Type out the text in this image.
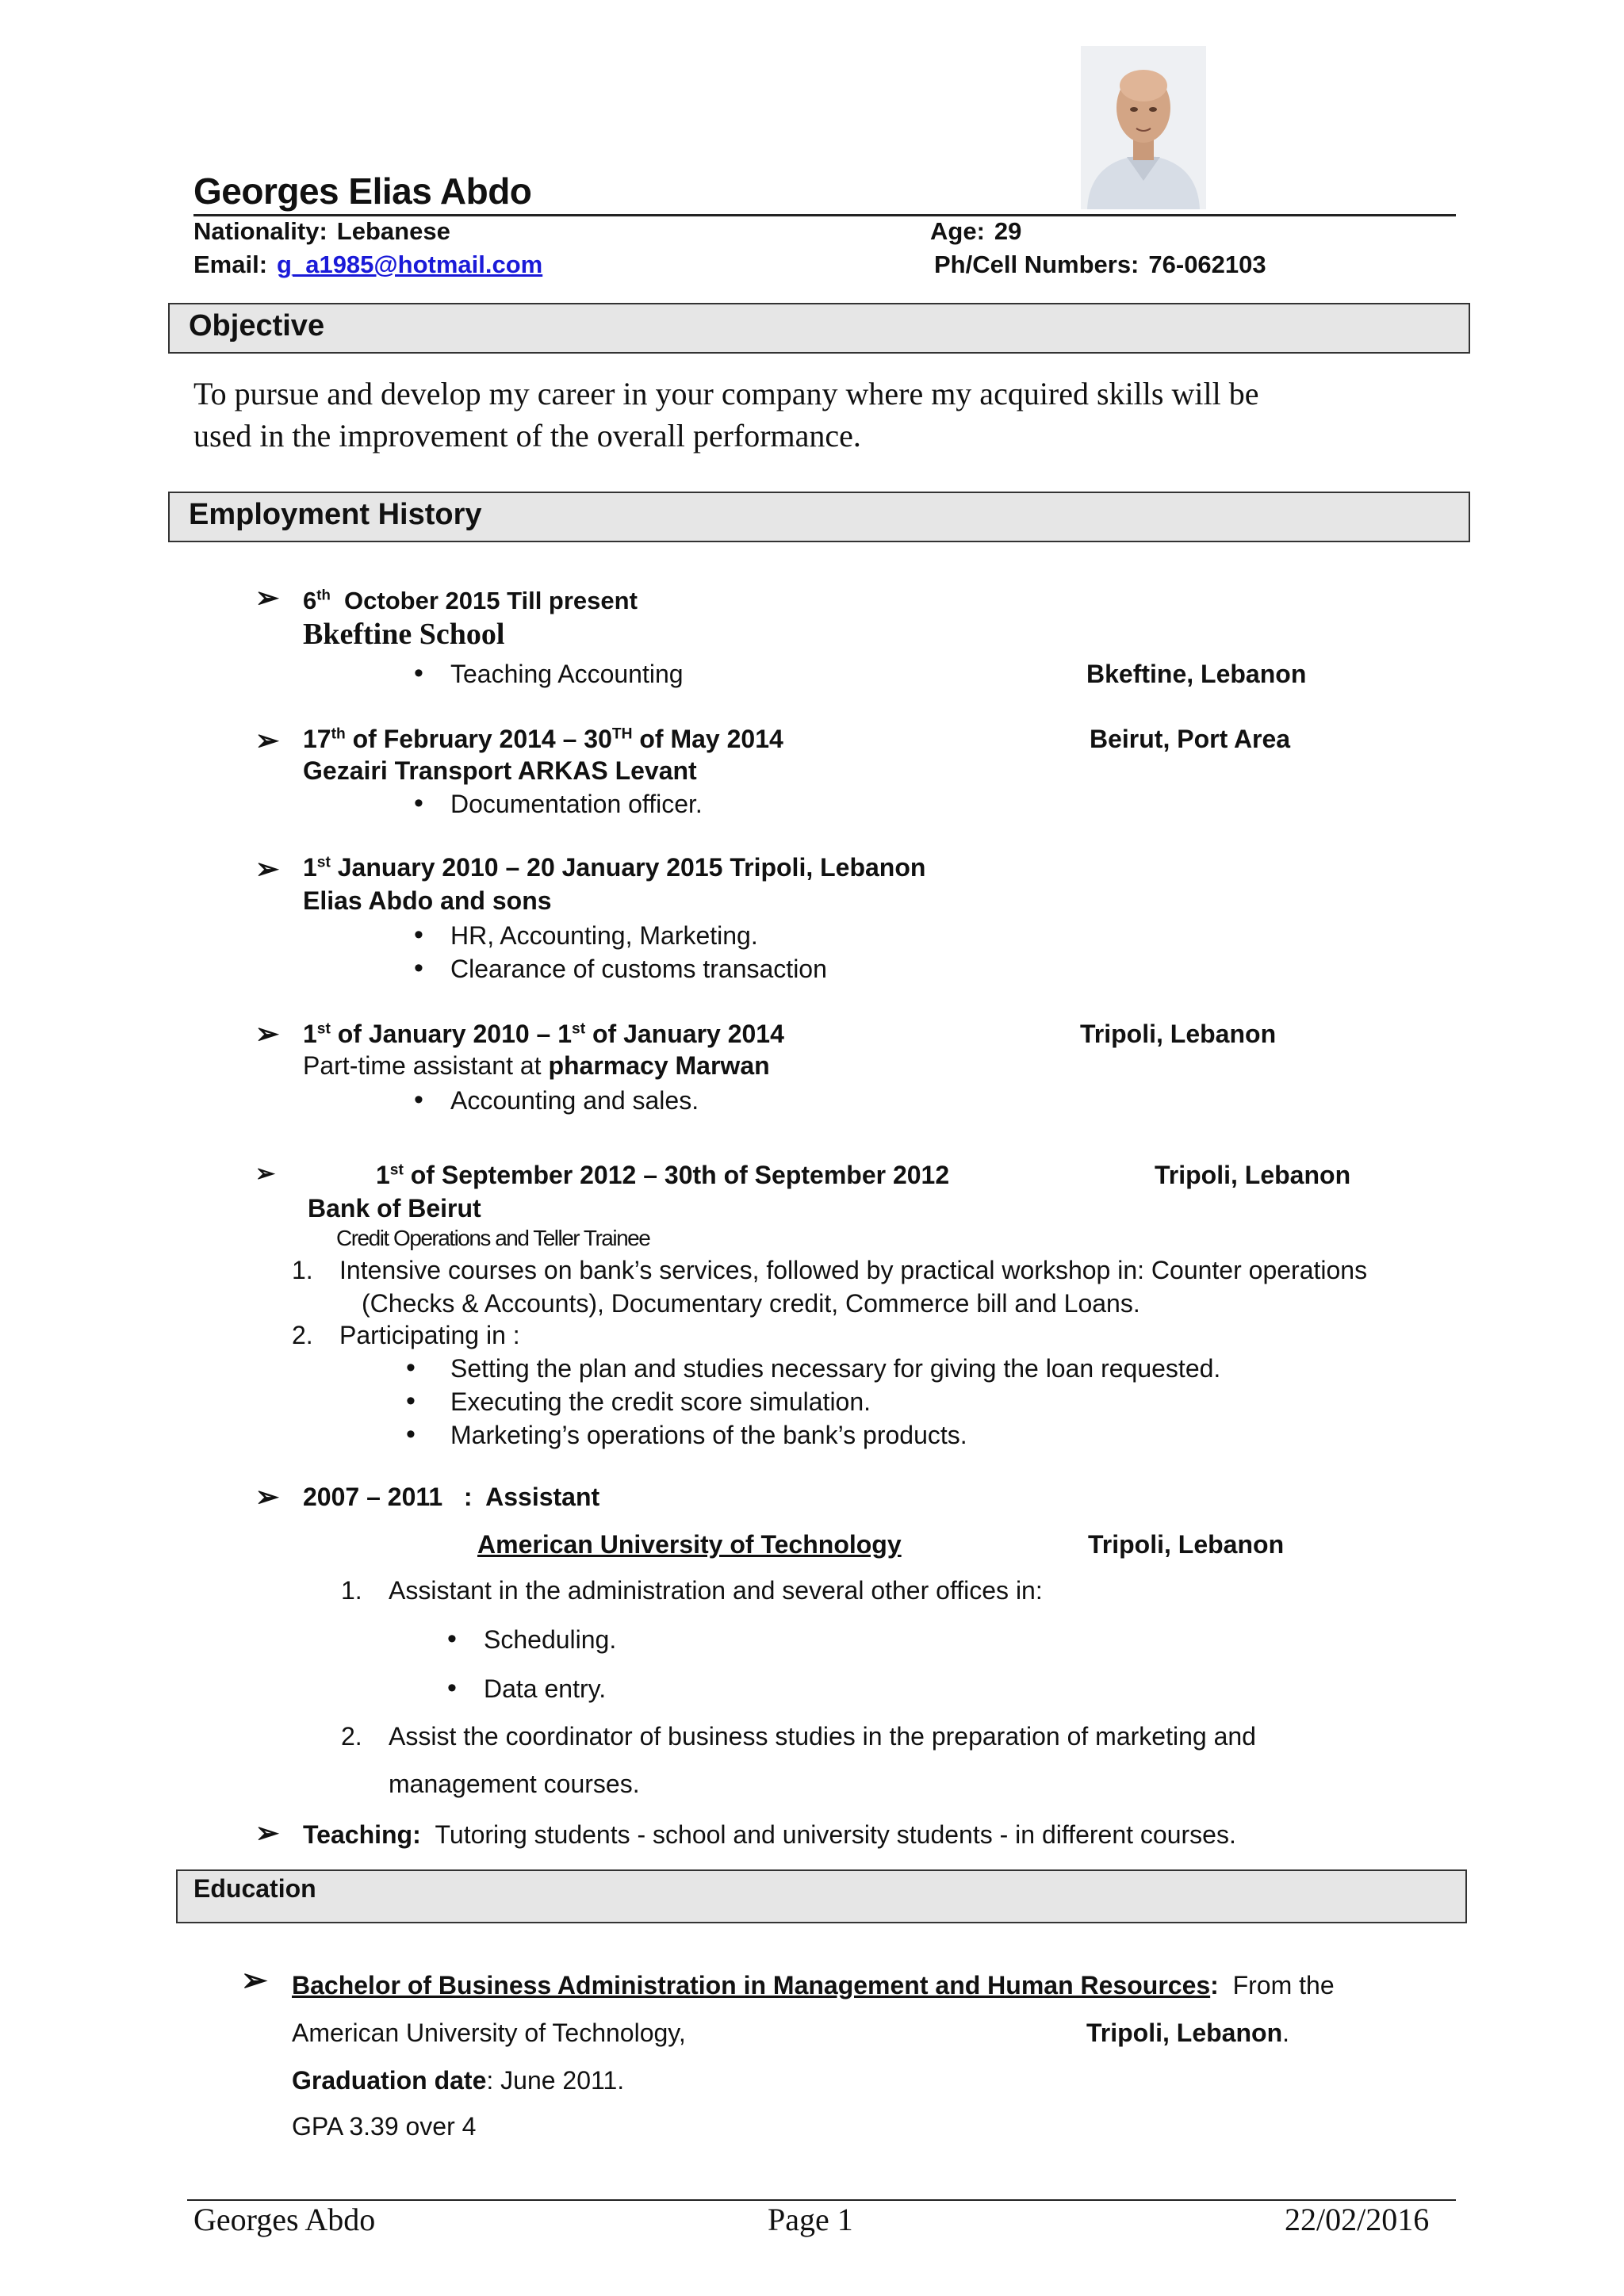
Georges Elias Abdo
Nationality: Lebanese	Age: 29
Email: g_a1985@hotmail.com	Ph/Cell Numbers: 76-062103
Objective
To pursue and develop my career in your company where my acquired skills will be
used in the improvement of the overall performance.
Employment History
➢ 6th October 2015 Till present
Bkeftine School
• Teaching Accounting	Bkeftine, Lebanon
➢ 17th of February 2014 – 30TH of May 2014	Beirut, Port Area
Gezairi Transport ARKAS Levant
• Documentation officer.
➢ 1st January 2010 – 20 January 2015 Tripoli, Lebanon
Elias Abdo and sons
• HR, Accounting, Marketing.
• Clearance of customs transaction
➢ 1st of January 2010 – 1st of January 2014	Tripoli, Lebanon
Part-time assistant at pharmacy Marwan
• Accounting and sales.
➢	1st of September 2012 – 30th of September 2012	Tripoli, Lebanon
Bank of Beirut
Credit Operations and Teller Trainee
1. Intensive courses on bank’s services, followed by practical workshop in: Counter operations
(Checks & Accounts), Documentary credit, Commerce bill and Loans.
2. Participating in :
• Setting the plan and studies necessary for giving the loan requested.
• Executing the credit score simulation.
• Marketing’s operations of the bank’s products.
➢ 2007 – 2011 : Assistant
American University of Technology	Tripoli, Lebanon
1. Assistant in the administration and several other offices in:
• Scheduling.
• Data entry.
2. Assist the coordinator of business studies in the preparation of marketing and
management courses.
➢ Teaching: Tutoring students - school and university students - in different courses.
Education
➢ Bachelor of Business Administration in Management and Human Resources: From the
American University of Technology,	Tripoli, Lebanon.
Graduation date: June 2011.
GPA 3.39 over 4
Georges Abdo	Page 1	22/02/2016
